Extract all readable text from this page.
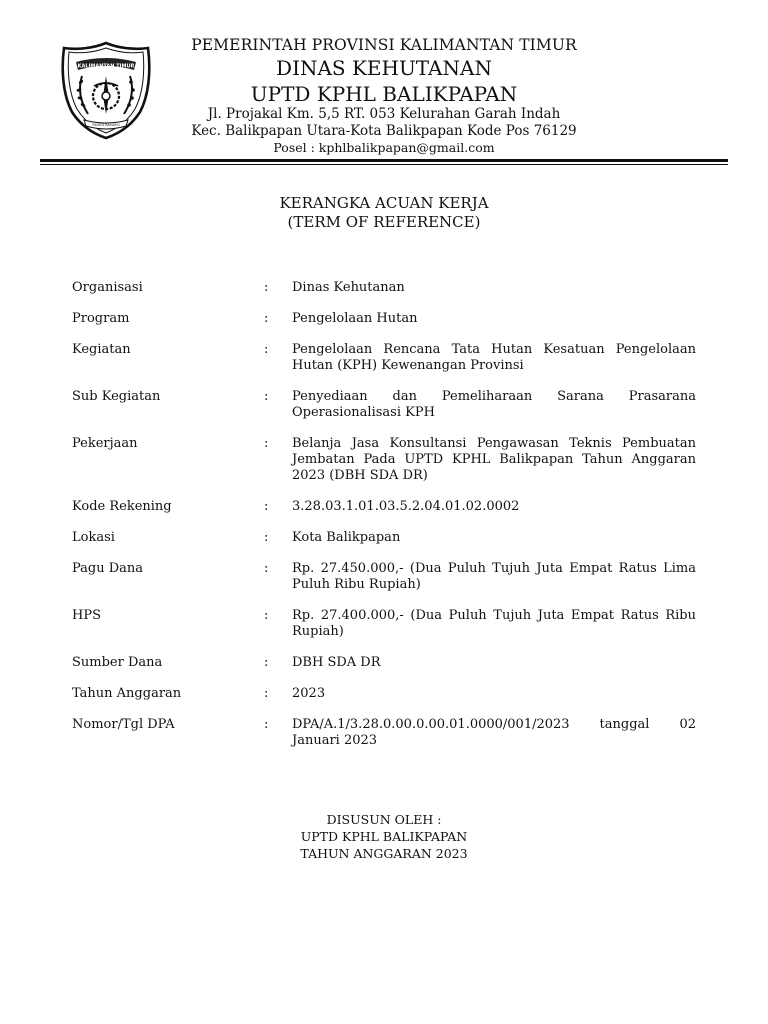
KALIMANTAN TIMUR
RUHUI RAHAYU
PEMERINTAH PROVINSI KALIMANTAN TIMUR
DINAS KEHUTANAN
UPTD KPHL BALIKPAPAN
Jl. Projakal Km. 5,5 RT. 053 Kelurahan Garah Indah
Kec. Balikpapan Utara-Kota Balikpapan Kode Pos 76129
Posel : kphlbalikpapan@gmail.com
KERANGKA ACUAN KERJA
(TERM OF REFERENCE)
Organisasi	:	Dinas Kehutanan
Program	:	Pengelolaan Hutan
Kegiatan	:	Pengelolaan Rencana Tata Hutan Kesatuan Pengelolaan Hutan (KPH) Kewenangan Provinsi
Sub Kegiatan	:	Penyediaan dan Pemeliharaan Sarana Prasarana Operasionalisasi KPH
Pekerjaan	:	Belanja Jasa Konsultansi Pengawasan Teknis Pembuatan Jembatan Pada UPTD KPHL Balikpapan Tahun Anggaran 2023 (DBH SDA DR)
Kode Rekening	:	3.28.03.1.01.03.5.2.04.01.02.0002
Lokasi	:	Kota Balikpapan
Pagu Dana	:	Rp. 27.450.000,- (Dua Puluh Tujuh Juta Empat Ratus Lima Puluh Ribu Rupiah)
HPS	:	Rp. 27.400.000,- (Dua Puluh Tujuh Juta Empat Ratus Ribu Rupiah)
Sumber Dana	:	DBH SDA DR
Tahun Anggaran	:	2023
Nomor/Tgl DPA	:	DPA/A.1/3.28.0.00.0.00.01.0000/001/2023 tanggal 02 Januari 2023
DISUSUN OLEH :
UPTD KPHL BALIKPAPAN
TAHUN ANGGARAN 2023
